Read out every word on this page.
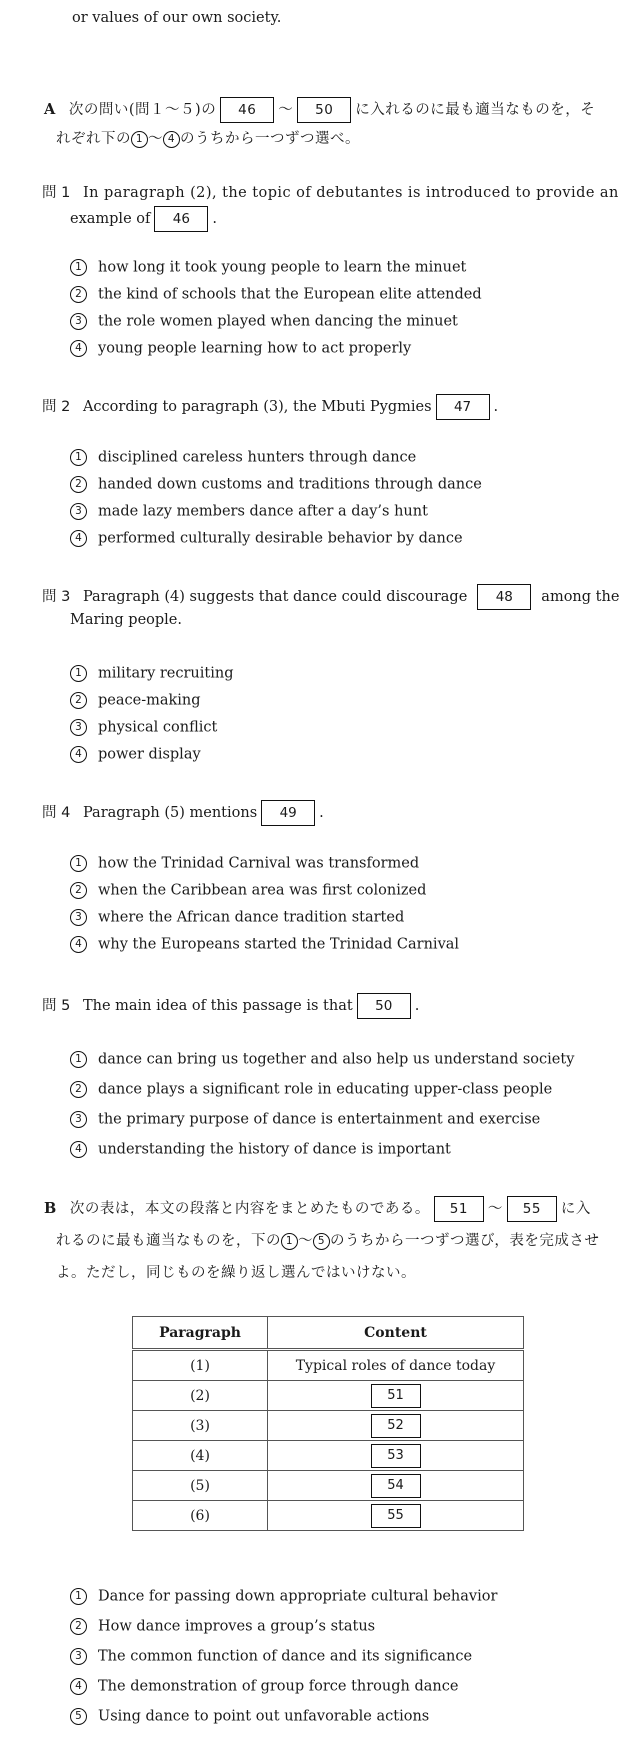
or values of our own society.
A 次の問い(問１〜５)の 46 〜 50 に入れるのに最も適当なものを，そ
れぞれ下の 1 〜 4 のうちから一つずつ選べ。
問 1 In paragraph (2), the topic of debutantes is introduced to provide an
example of 46 .
1 how long it took young people to learn the minuet
2 the kind of schools that the European elite attended
3 the role women played when dancing the minuet
4 young people learning how to act properly
問 2 According to paragraph (3), the Mbuti Pygmies 47 .
1 disciplined careless hunters through dance
2 handed down customs and traditions through dance
3 made lazy members dance after a day’s hunt
4 performed culturally desirable behavior by dance
問 3 Paragraph (4) suggests that dance could discourage 48 among the
Maring people.
1 military recruiting
2 peace-making
3 physical conflict
4 power display
問 4 Paragraph (5) mentions 49 .
1 how the Trinidad Carnival was transformed
2 when the Caribbean area was first colonized
3 where the African dance tradition started
4 why the Europeans started the Trinidad Carnival
問 5 The main idea of this passage is that 50 .
1 dance can bring us together and also help us understand society
2 dance plays a significant role in educating upper-class people
3 the primary purpose of dance is entertainment and exercise
4 understanding the history of dance is important
B 次の表は，本文の段落と内容をまとめたものである。 51 〜 55 に入
れるのに最も適当なものを，下の 1 〜 5 のうちから一つずつ選び，表を完成させ
よ。ただし，同じものを繰り返し選んではいけない。
Paragraph	Content
(1)	Typical roles of dance today
(2)	51
(3)	52
(4)	53
(5)	54
(6)	55
1 Dance for passing down appropriate cultural behavior
2 How dance improves a group’s status
3 The common function of dance and its significance
4 The demonstration of group force through dance
5 Using dance to point out unfavorable actions
